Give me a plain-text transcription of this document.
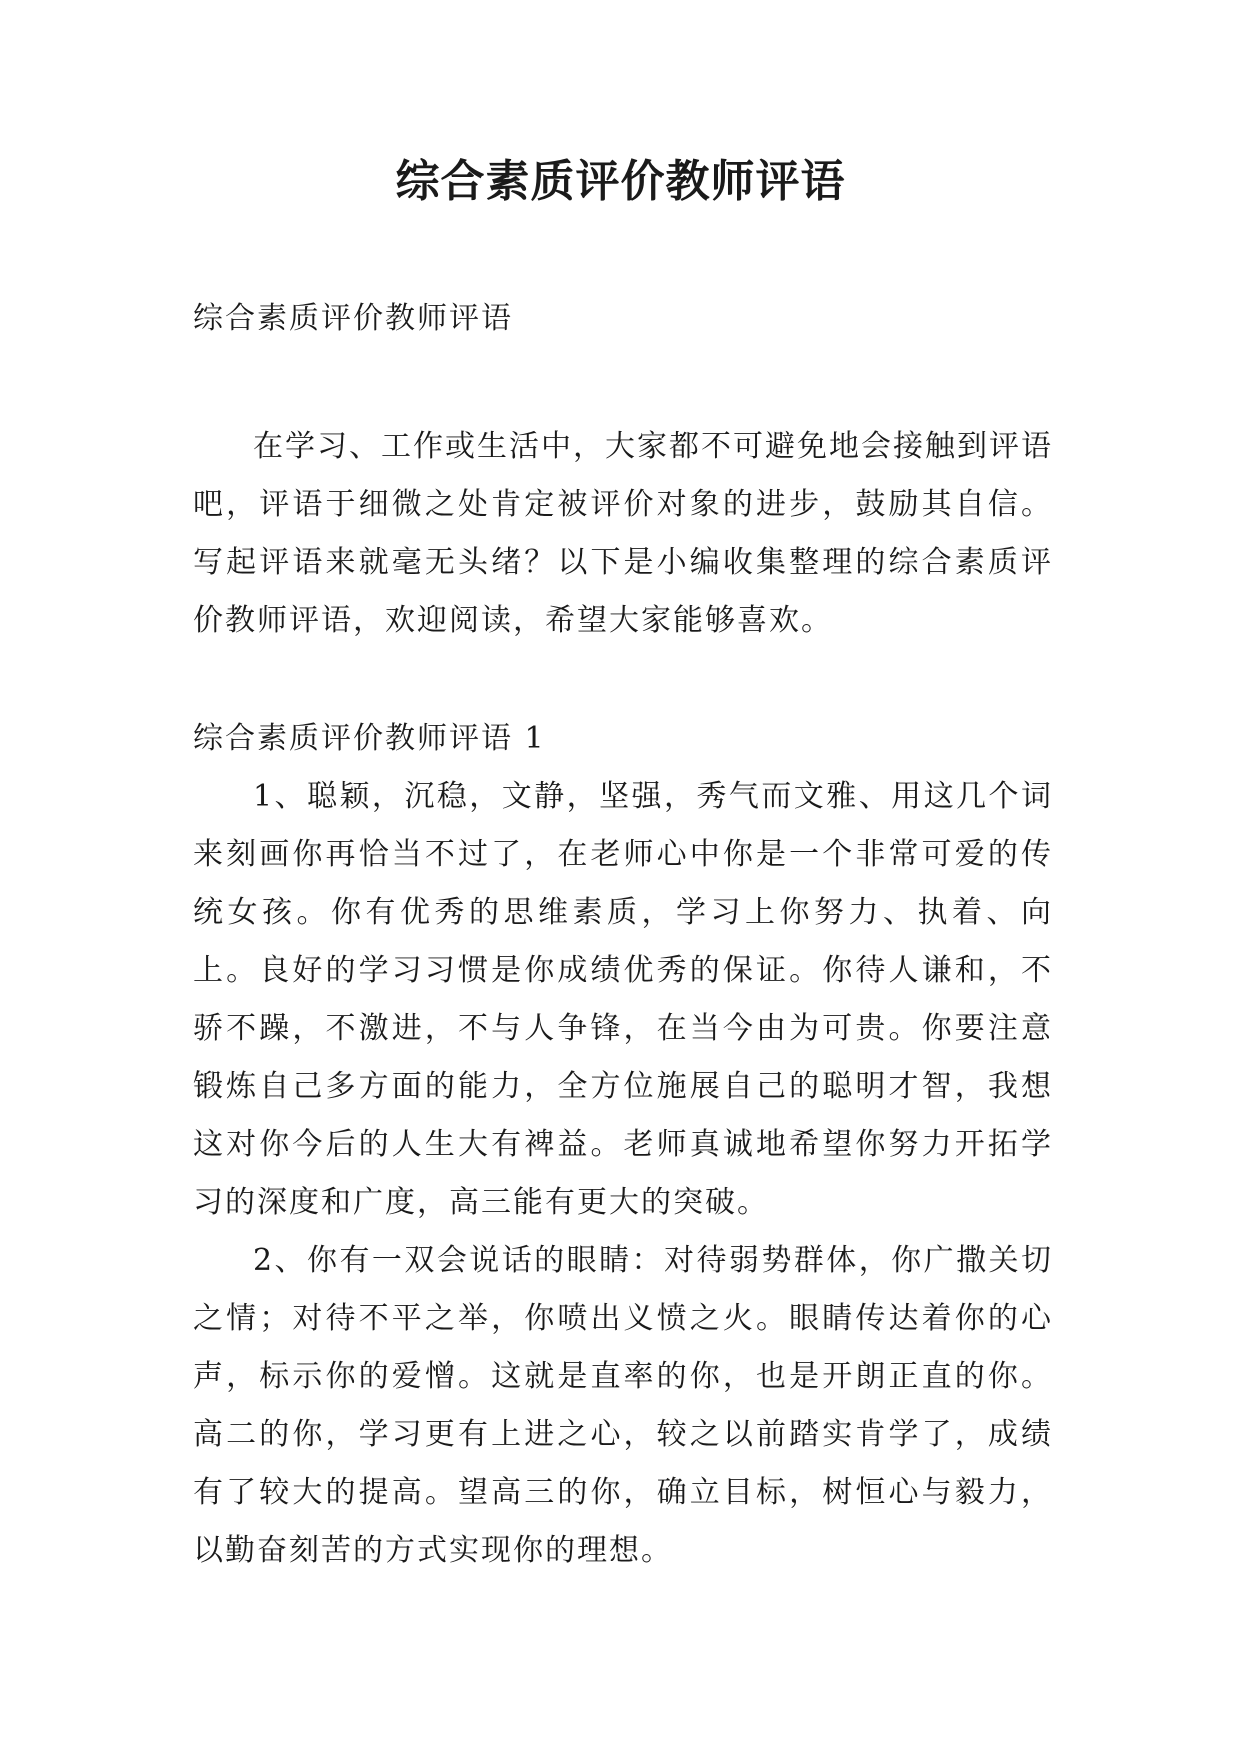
综合素质评价教师评语

综合素质评价教师评语

在学习、工作或生活中，大家都不可避免地会接触到评语吧，评语于细微之处肯定被评价对象的进步，鼓励其自信。写起评语来就毫无头绪？以下是小编收集整理的综合素质评价教师评语，欢迎阅读，希望大家能够喜欢。

综合素质评价教师评语 1

1、聪颖，沉稳，文静，坚强，秀气而文雅、用这几个词来刻画你再恰当不过了，在老师心中你是一个非常可爱的传统女孩。你有优秀的思维素质，学习上你努力、执着、向上。良好的学习习惯是你成绩优秀的保证。你待人谦和，不骄不躁，不激进，不与人争锋，在当今由为可贵。你要注意锻炼自己多方面的能力，全方位施展自己的聪明才智，我想这对你今后的人生大有裨益。老师真诚地希望你努力开拓学习的深度和广度，高三能有更大的突破。

2、你有一双会说话的眼睛：对待弱势群体，你广撒关切之情；对待不平之举，你喷出义愤之火。眼睛传达着你的心声，标示你的爱憎。这就是直率的你，也是开朗正直的你。高二的你，学习更有上进之心，较之以前踏实肯学了，成绩有了较大的提高。望高三的你，确立目标，树恒心与毅力，以勤奋刻苦的方式实现你的理想。
